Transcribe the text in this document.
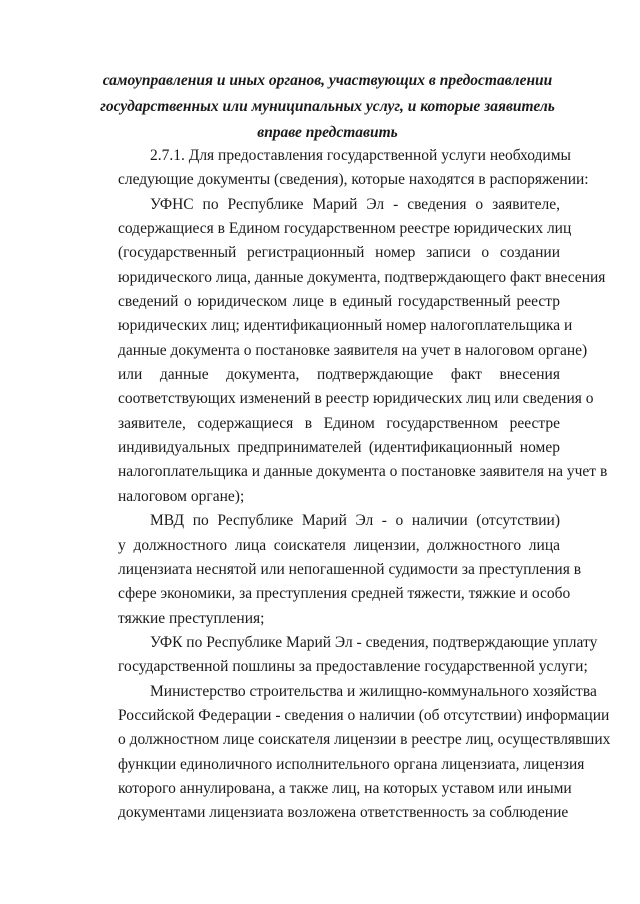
самоуправления и иных органов, участвующих в предоставлении
государственных или муниципальных услуг, и которые заявитель
вправе представить
2.7.1. Для предоставления государственной услуги необходимы
следующие документы (сведения), которые находятся в распоряжении:
УФНС по Республике Марий Эл - сведения о заявителе,
содержащиеся в Едином государственном реестре юридических лиц
(государственный регистрационный номер записи о создании
юридического лица, данные документа, подтверждающего факт внесения
сведений о юридическом лице в единый государственный реестр
юридических лиц; идентификационный номер налогоплательщика и
данные документа о постановке заявителя на учет в налоговом органе)
или данные документа, подтверждающие факт внесения
соответствующих изменений в реестр юридических лиц или сведения о
заявителе, содержащиеся в Едином государственном реестре
индивидуальных предпринимателей (идентификационный номер
налогоплательщика и данные документа о постановке заявителя на учет в
налоговом органе);
МВД по Республике Марий Эл - о наличии (отсутствии)
у должностного лица соискателя лицензии, должностного лица
лицензиата неснятой или непогашенной судимости за преступления в
сфере экономики, за преступления средней тяжести, тяжкие и особо
тяжкие преступления;
УФК по Республике Марий Эл - сведения, подтверждающие уплату
государственной пошлины за предоставление государственной услуги;
Министерство строительства и жилищно-коммунального хозяйства
Российской Федерации - сведения о наличии (об отсутствии) информации
о должностном лице соискателя лицензии в реестре лиц, осуществлявших
функции единоличного исполнительного органа лицензиата, лицензия
которого аннулирована, а также лиц, на которых уставом или иными
документами лицензиата возложена ответственность за соблюдение
